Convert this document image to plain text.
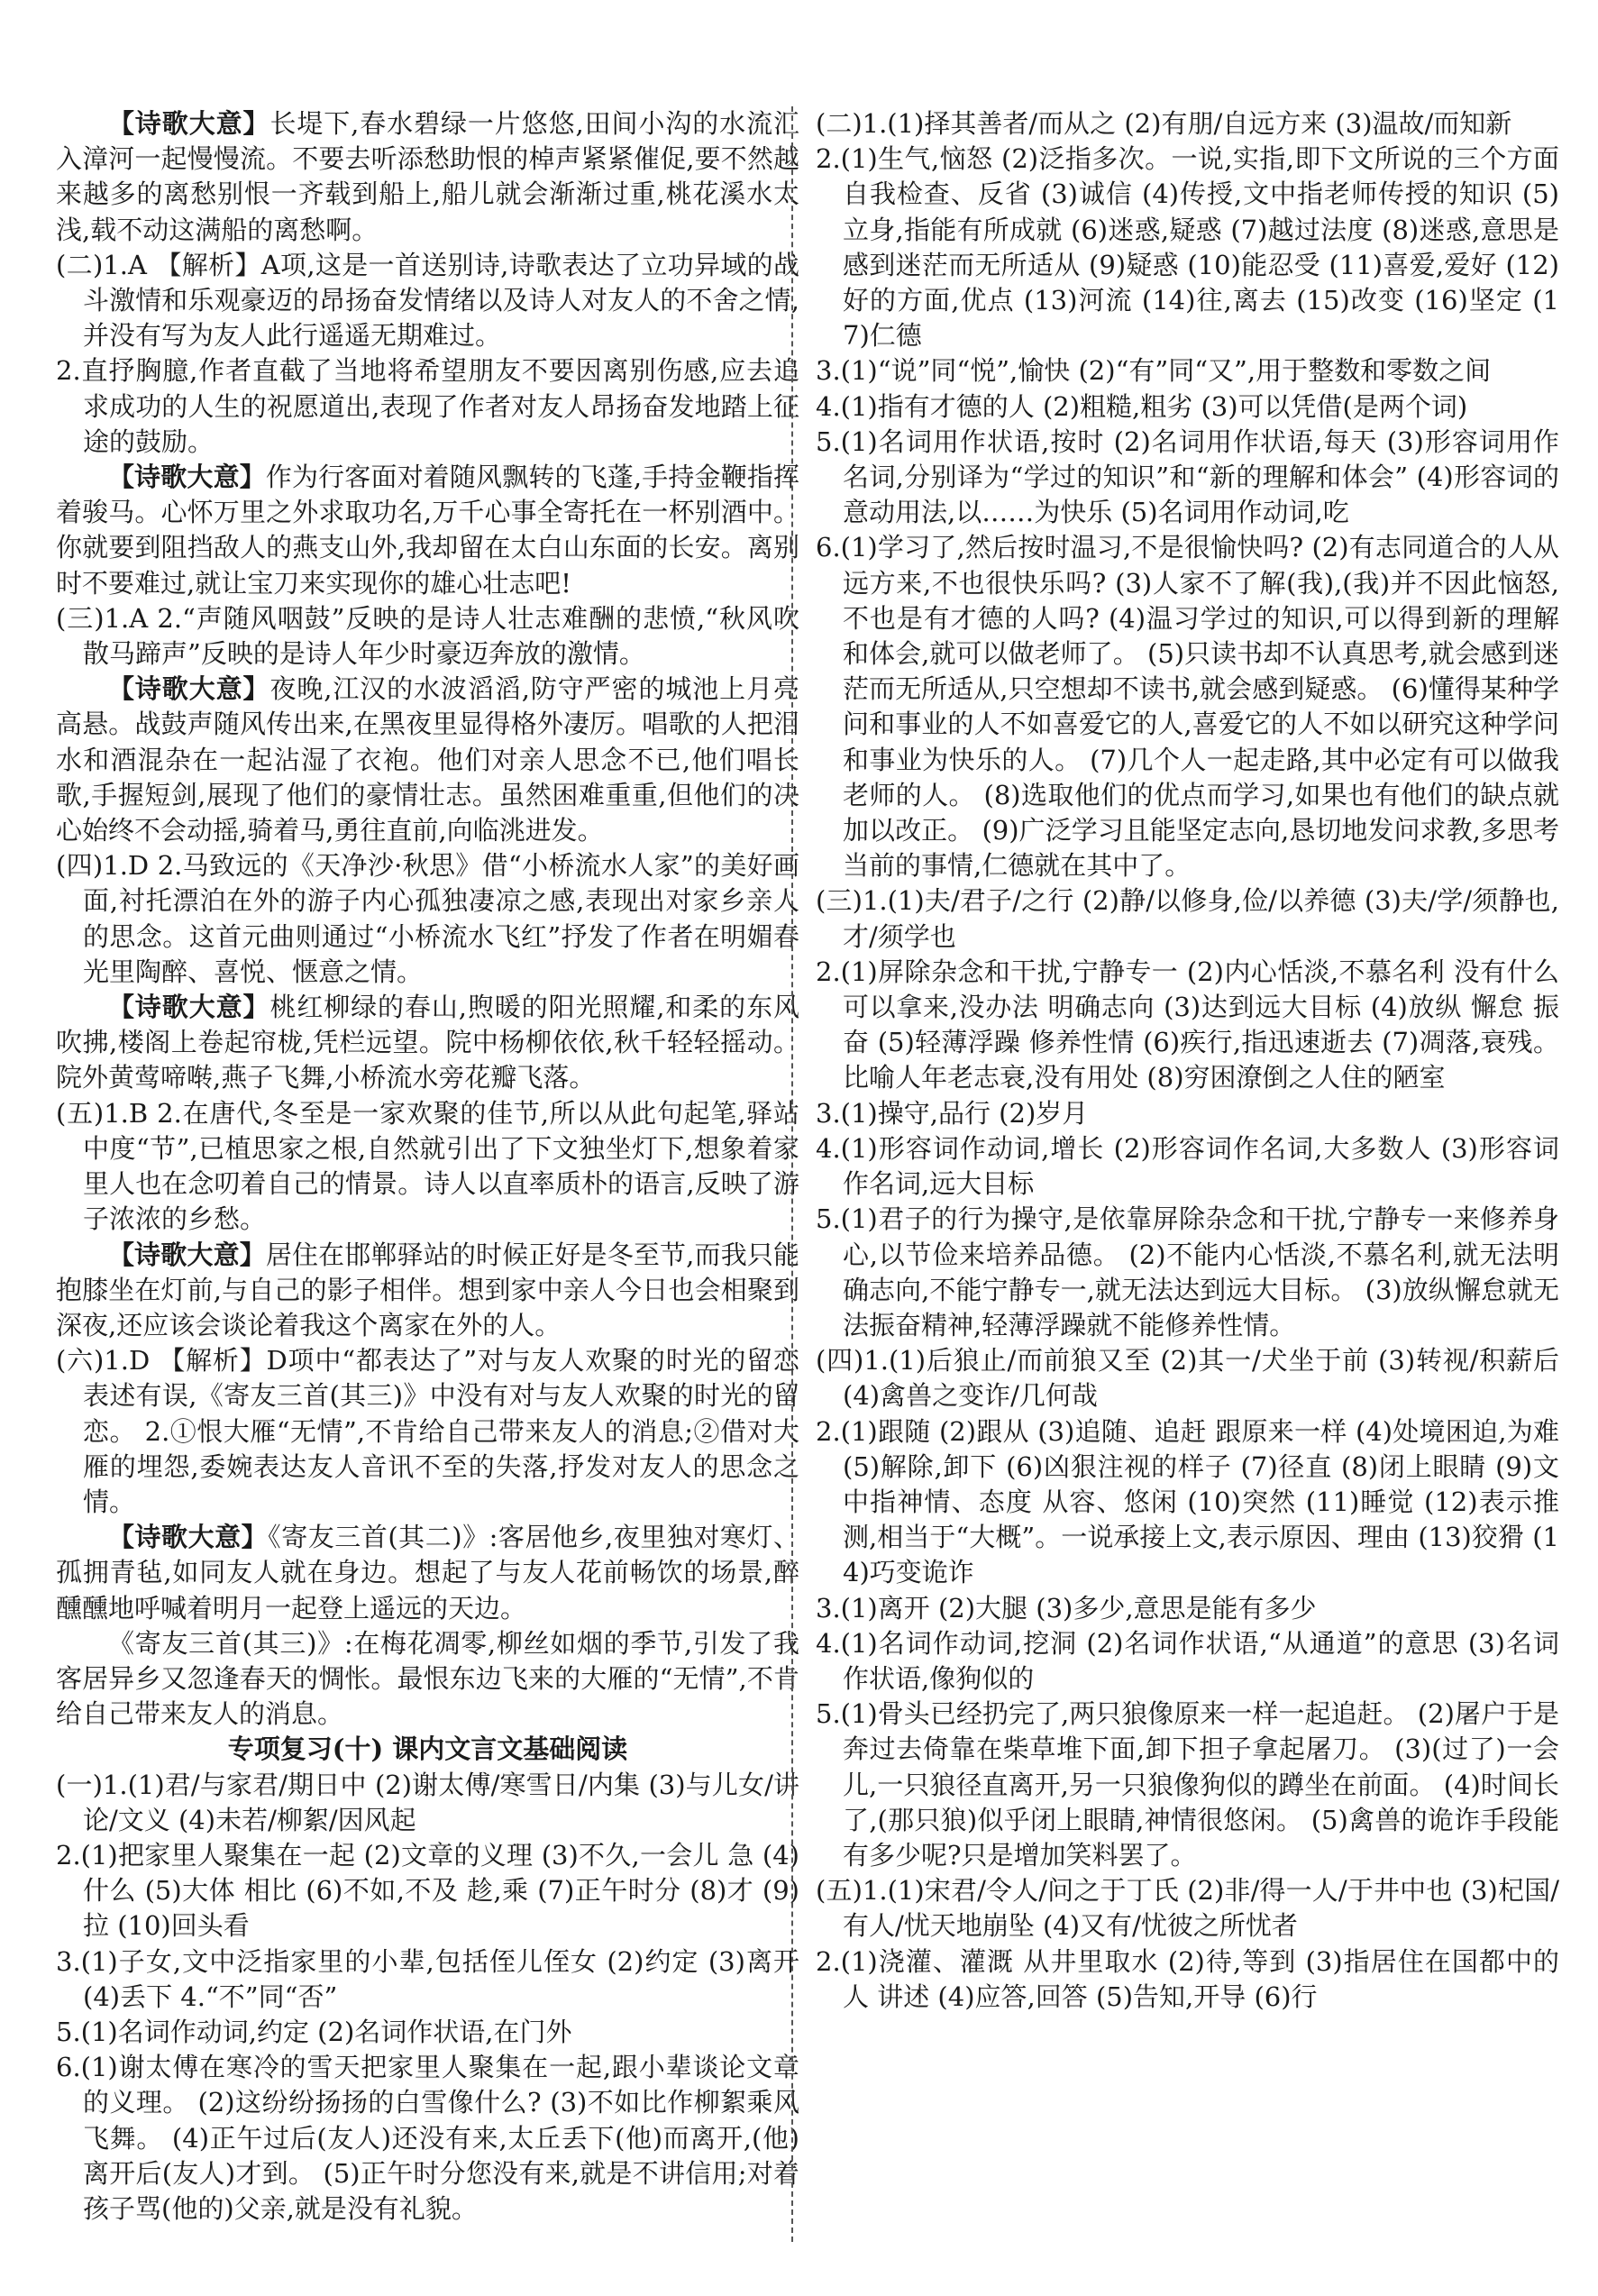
【诗歌大意】长堤下,春水碧绿一片悠悠,田间小沟的水流汇入漳河一起慢慢流。不要去听添愁助恨的棹声紧紧催促,要不然越来越多的离愁别恨一齐载到船上,船儿就会渐渐过重,桃花溪水太浅,载不动这满船的离愁啊。

(二)1.A 【解析】A项,这是一首送别诗,诗歌表达了立功异域的战斗激情和乐观豪迈的昂扬奋发情绪以及诗人对友人的不舍之情,并没有写为友人此行遥遥无期难过。

2.直抒胸臆,作者直截了当地将希望朋友不要因离别伤感,应去追求成功的人生的祝愿道出,表现了作者对友人昂扬奋发地踏上征途的鼓励。

【诗歌大意】作为行客面对着随风飘转的飞蓬,手持金鞭指挥着骏马。心怀万里之外求取功名,万千心事全寄托在一杯别酒中。你就要到阻挡敌人的燕支山外,我却留在太白山东面的长安。离别时不要难过,就让宝刀来实现你的雄心壮志吧!

(三)1.A 2.“声随风咽鼓”反映的是诗人壮志难酬的悲愤,“秋风吹散马蹄声”反映的是诗人年少时豪迈奔放的激情。

【诗歌大意】夜晚,江汉的水波滔滔,防守严密的城池上月亮高悬。战鼓声随风传出来,在黑夜里显得格外凄厉。唱歌的人把泪水和酒混杂在一起沾湿了衣袍。他们对亲人思念不已,他们唱长歌,手握短剑,展现了他们的豪情壮志。虽然困难重重,但他们的决心始终不会动摇,骑着马,勇往直前,向临洮进发。

(四)1.D 2.马致远的《天净沙·秋思》借“小桥流水人家”的美好画面,衬托漂泊在外的游子内心孤独凄凉之感,表现出对家乡亲人的思念。这首元曲则通过“小桥流水飞红”抒发了作者在明媚春光里陶醉、喜悦、惬意之情。

【诗歌大意】桃红柳绿的春山,煦暖的阳光照耀,和柔的东风吹拂,楼阁上卷起帘栊,凭栏远望。院中杨柳依依,秋千轻轻摇动。院外黄莺啼啭,燕子飞舞,小桥流水旁花瓣飞落。

(五)1.B 2.在唐代,冬至是一家欢聚的佳节,所以从此句起笔,驿站中度“节”,已植思家之根,自然就引出了下文独坐灯下,想象着家里人也在念叨着自己的情景。诗人以直率质朴的语言,反映了游子浓浓的乡愁。

【诗歌大意】居住在邯郸驿站的时候正好是冬至节,而我只能抱膝坐在灯前,与自己的影子相伴。想到家中亲人今日也会相聚到深夜,还应该会谈论着我这个离家在外的人。

(六)1.D 【解析】D项中“都表达了”对与友人欢聚的时光的留恋表述有误,《寄友三首(其三)》中没有对与友人欢聚的时光的留恋。 2.①恨大雁“无情”,不肯给自己带来友人的消息;②借对大雁的埋怨,委婉表达友人音讯不至的失落,抒发对友人的思念之情。

【诗歌大意】《寄友三首(其二)》:客居他乡,夜里独对寒灯、孤拥青毡,如同友人就在身边。想起了与友人花前畅饮的场景,醉醺醺地呼喊着明月一起登上遥远的天边。

《寄友三首(其三)》:在梅花凋零,柳丝如烟的季节,引发了我客居异乡又忽逢春天的惆怅。最恨东边飞来的大雁的“无情”,不肯给自己带来友人的消息。

专项复习(十) 课内文言文基础阅读

(一)1.(1)君/与家君/期日中 (2)谢太傅/寒雪日/内集 (3)与儿女/讲论/文义 (4)未若/柳絮/因风起

2.(1)把家里人聚集在一起 (2)文章的义理 (3)不久,一会儿 急 (4)什么 (5)大体 相比 (6)不如,不及 趁,乘 (7)正午时分 (8)才 (9)拉 (10)回头看

3.(1)子女,文中泛指家里的小辈,包括侄儿侄女 (2)约定 (3)离开 (4)丢下 4.“不”同“否”

5.(1)名词作动词,约定 (2)名词作状语,在门外

6.(1)谢太傅在寒冷的雪天把家里人聚集在一起,跟小辈谈论文章的义理。 (2)这纷纷扬扬的白雪像什么? (3)不如比作柳絮乘风飞舞。 (4)正午过后(友人)还没有来,太丘丢下(他)而离开,(他)离开后(友人)才到。 (5)正午时分您没有来,就是不讲信用;对着孩子骂(他的)父亲,就是没有礼貌。

(二)1.(1)择其善者/而从之 (2)有朋/自远方来 (3)温故/而知新

2.(1)生气,恼怒 (2)泛指多次。一说,实指,即下文所说的三个方面 自我检查、反省 (3)诚信 (4)传授,文中指老师传授的知识 (5)立身,指能有所成就 (6)迷惑,疑惑 (7)越过法度 (8)迷惑,意思是感到迷茫而无所适从 (9)疑惑 (10)能忍受 (11)喜爱,爱好 (12)好的方面,优点 (13)河流 (14)往,离去 (15)改变 (16)坚定 (17)仁德

3.(1)“说”同“悦”,愉快 (2)“有”同“又”,用于整数和零数之间

4.(1)指有才德的人 (2)粗糙,粗劣 (3)可以凭借(是两个词)

5.(1)名词用作状语,按时 (2)名词用作状语,每天 (3)形容词用作名词,分别译为“学过的知识”和“新的理解和体会” (4)形容词的意动用法,以……为快乐 (5)名词用作动词,吃

6.(1)学习了,然后按时温习,不是很愉快吗? (2)有志同道合的人从远方来,不也很快乐吗? (3)人家不了解(我),(我)并不因此恼怒,不也是有才德的人吗? (4)温习学过的知识,可以得到新的理解和体会,就可以做老师了。 (5)只读书却不认真思考,就会感到迷茫而无所适从,只空想却不读书,就会感到疑惑。 (6)懂得某种学问和事业的人不如喜爱它的人,喜爱它的人不如以研究这种学问和事业为快乐的人。 (7)几个人一起走路,其中必定有可以做我老师的人。 (8)选取他们的优点而学习,如果也有他们的缺点就加以改正。 (9)广泛学习且能坚定志向,恳切地发问求教,多思考当前的事情,仁德就在其中了。

(三)1.(1)夫/君子/之行 (2)静/以修身,俭/以养德 (3)夫/学/须静也,才/须学也

2.(1)屏除杂念和干扰,宁静专一 (2)内心恬淡,不慕名利 没有什么可以拿来,没办法 明确志向 (3)达到远大目标 (4)放纵 懈怠 振奋 (5)轻薄浮躁 修养性情 (6)疾行,指迅速逝去 (7)凋落,衰残。比喻人年老志衰,没有用处 (8)穷困潦倒之人住的陋室

3.(1)操守,品行 (2)岁月

4.(1)形容词作动词,增长 (2)形容词作名词,大多数人 (3)形容词作名词,远大目标

5.(1)君子的行为操守,是依靠屏除杂念和干扰,宁静专一来修养身心,以节俭来培养品德。 (2)不能内心恬淡,不慕名利,就无法明确志向,不能宁静专一,就无法达到远大目标。 (3)放纵懈怠就无法振奋精神,轻薄浮躁就不能修养性情。

(四)1.(1)后狼止/而前狼又至 (2)其一/犬坐于前 (3)转视/积薪后 (4)禽兽之变诈/几何哉

2.(1)跟随 (2)跟从 (3)追随、追赶 跟原来一样 (4)处境困迫,为难 (5)解除,卸下 (6)凶狠注视的样子 (7)径直 (8)闭上眼睛 (9)文中指神情、态度 从容、悠闲 (10)突然 (11)睡觉 (12)表示推测,相当于“大概”。一说承接上文,表示原因、理由 (13)狡猾 (14)巧变诡诈

3.(1)离开 (2)大腿 (3)多少,意思是能有多少

4.(1)名词作动词,挖洞 (2)名词作状语,“从通道”的意思 (3)名词作状语,像狗似的

5.(1)骨头已经扔完了,两只狼像原来一样一起追赶。 (2)屠户于是奔过去倚靠在柴草堆下面,卸下担子拿起屠刀。 (3)(过了)一会儿,一只狼径直离开,另一只狼像狗似的蹲坐在前面。 (4)时间长了,(那只狼)似乎闭上眼睛,神情很悠闲。 (5)禽兽的诡诈手段能有多少呢?只是增加笑料罢了。

(五)1.(1)宋君/令人/问之于丁氏 (2)非/得一人/于井中也 (3)杞国/有人/忧天地崩坠 (4)又有/忧彼之所忧者

2.(1)浇灌、灌溉 从井里取水 (2)待,等到 (3)指居住在国都中的人 讲述 (4)应答,回答 (5)告知,开导 (6)行
